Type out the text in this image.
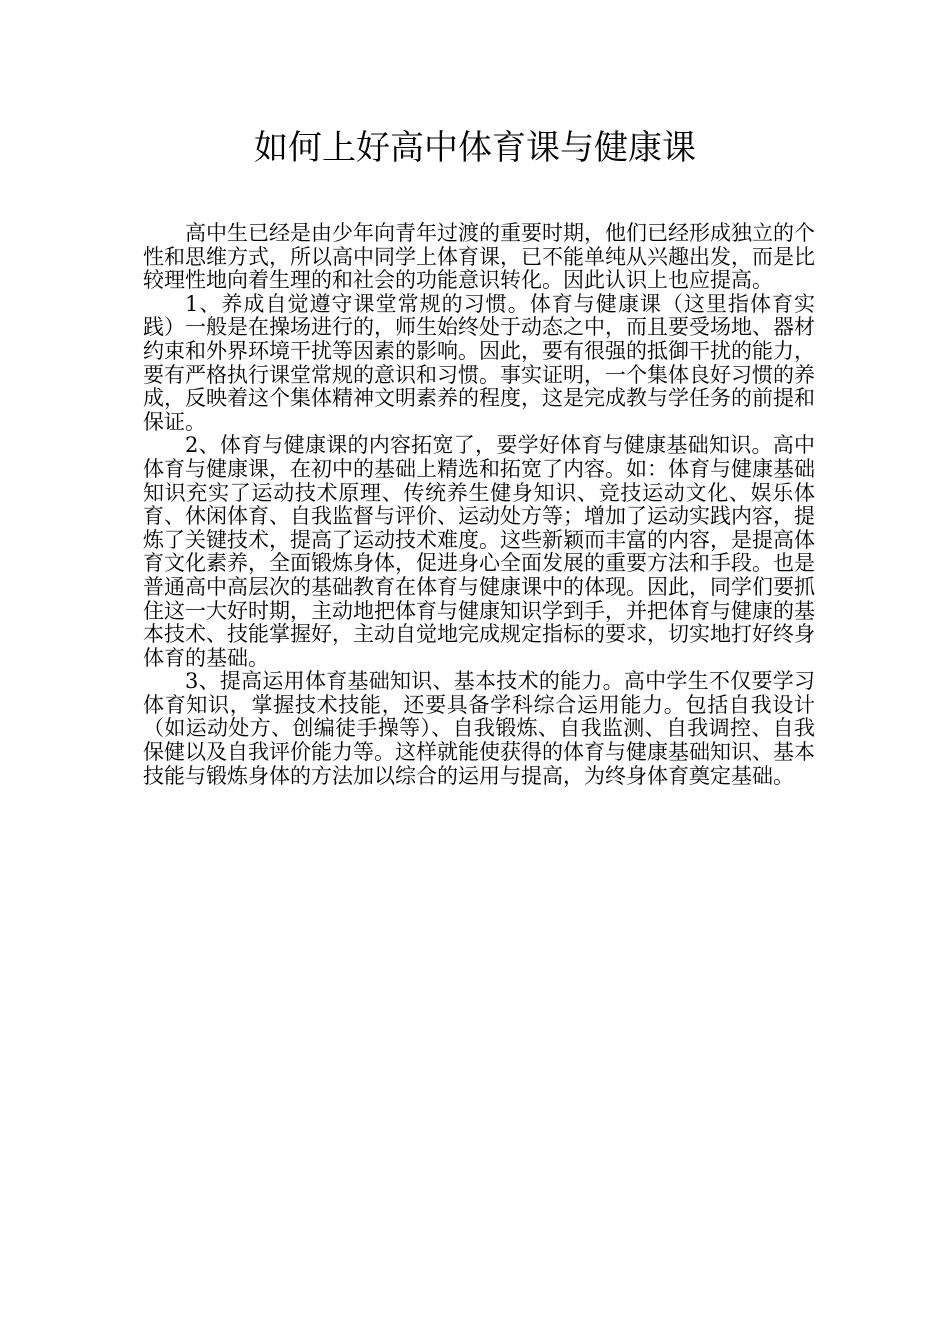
如何上好高中体育课与健康课

高中生已经是由少年向青年过渡的重要时期，他们已经形成独立的个性和思维方式，所以高中同学上体育课，已不能单纯从兴趣出发，而是比较理性地向着生理的和社会的功能意识转化。因此认识上也应提高。

1、养成自觉遵守课堂常规的习惯。体育与健康课（这里指体育实践）一般是在操场进行的，师生始终处于动态之中，而且要受场地、器材约束和外界环境干扰等因素的影响。因此，要有很强的抵御干扰的能力，要有严格执行课堂常规的意识和习惯。事实证明，一个集体良好习惯的养成，反映着这个集体精神文明素养的程度，这是完成教与学任务的前提和保证。

2、体育与健康课的内容拓宽了，要学好体育与健康基础知识。高中体育与健康课，在初中的基础上精选和拓宽了内容。如：体育与健康基础知识充实了运动技术原理、传统养生健身知识、竞技运动文化、娱乐体育、休闲体育、自我监督与评价、运动处方等；增加了运动实践内容，提炼了关键技术，提高了运动技术难度。这些新颖而丰富的内容，是提高体育文化素养，全面锻炼身体，促进身心全面发展的重要方法和手段。也是普通高中高层次的基础教育在体育与健康课中的体现。因此，同学们要抓住这一大好时期，主动地把体育与健康知识学到手，并把体育与健康的基本技术、技能掌握好，主动自觉地完成规定指标的要求，切实地打好终身体育的基础。

3、提高运用体育基础知识、基本技术的能力。高中学生不仅要学习体育知识，掌握技术技能，还要具备学科综合运用能力。包括自我设计（如运动处方、创编徒手操等）、自我锻炼、自我监测、自我调控、自我保健以及自我评价能力等。这样就能使获得的体育与健康基础知识、基本技能与锻炼身体的方法加以综合的运用与提高，为终身体育奠定基础。
